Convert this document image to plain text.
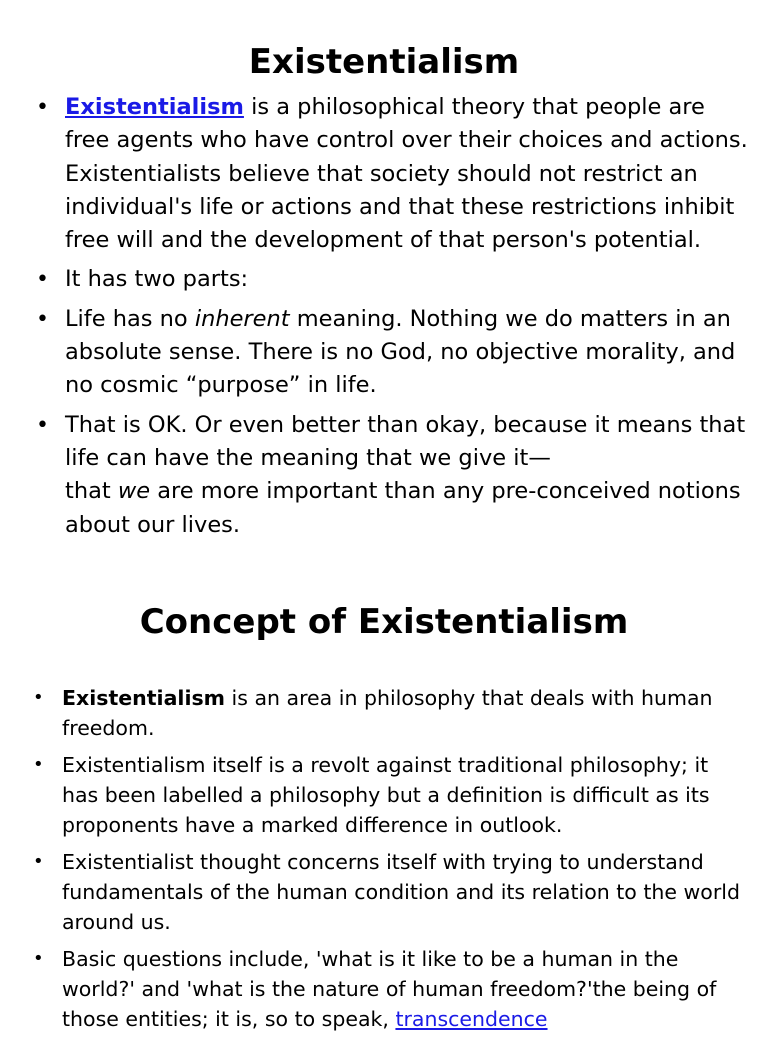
Existentialism
• Existentialism is a philosophical theory that people are free agents who have control over their choices and actions. Existentialists believe that society should not restrict an individual's life or actions and that these restrictions inhibit free will and the development of that person's potential.
• It has two parts:
• Life has no inherent meaning. Nothing we do matters in an absolute sense. There is no God, no objective morality, and no cosmic “purpose” in life.
• That is OK. Or even better than okay, because it means that life can have the meaning that we give it—
that we are more important than any pre-conceived notions about our lives.
Concept of Existentialism
• Existentialism is an area in philosophy that deals with human freedom.
• Existentialism itself is a revolt against traditional philosophy; it has been labelled a philosophy but a definition is difficult as its proponents have a marked difference in outlook.
• Existentialist thought concerns itself with trying to understand fundamentals of the human condition and its relation to the world around us.
• Basic questions include, 'what is it like to be a human in the world?' and 'what is the nature of human freedom?'the being of those entities; it is, so to speak, transcendence
